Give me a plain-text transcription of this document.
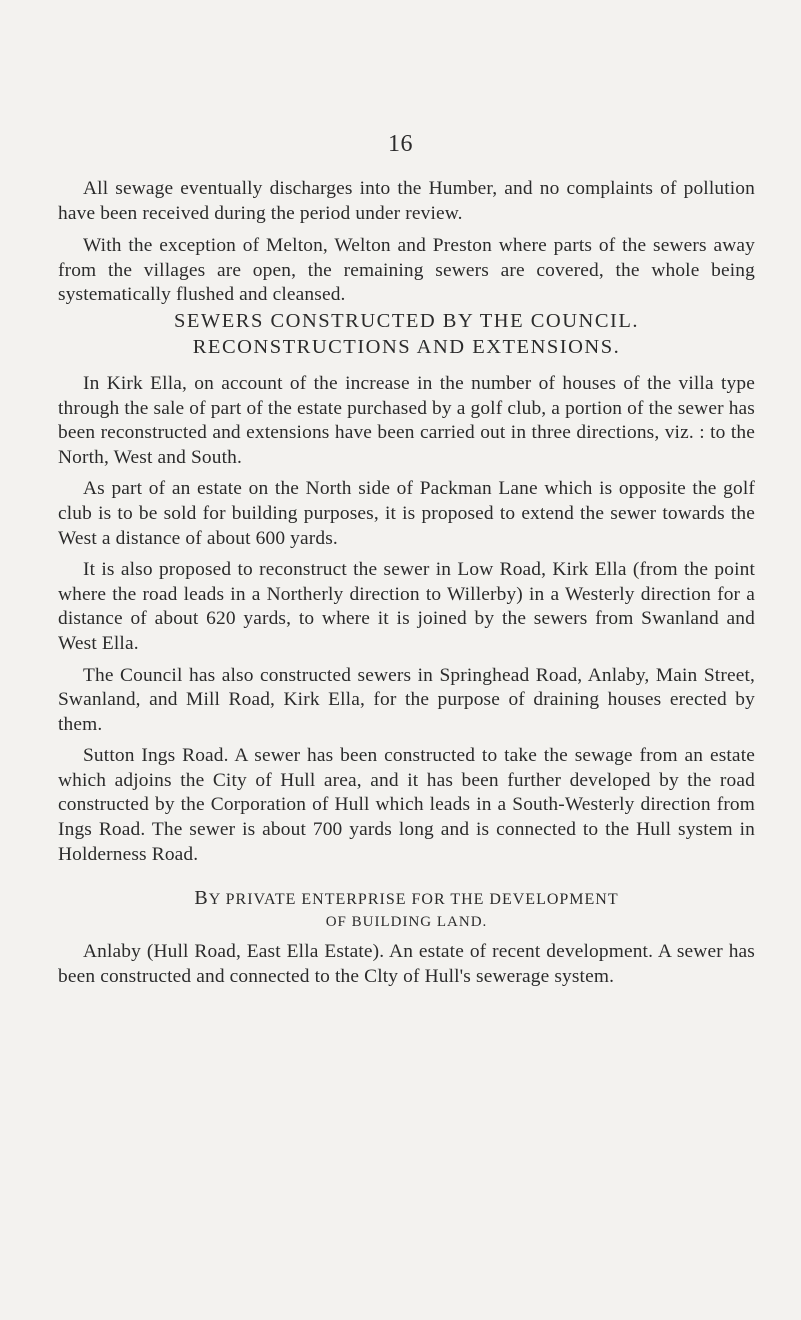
16

All sewage eventually discharges into the Humber, and no complaints of pollution have been received during the period under review.

With the exception of Melton, Welton and Preston where parts of the sewers away from the villages are open, the remaining sewers are covered, the whole being systematically flushed and cleansed.

SEWERS CONSTRUCTED BY THE COUNCIL.
RECONSTRUCTIONS AND EXTENSIONS.

In Kirk Ella, on account of the increase in the number of houses of the villa type through the sale of part of the estate purchased by a golf club, a portion of the sewer has been reconstructed and extensions have been carried out in three directions, viz. : to the North, West and South.

As part of an estate on the North side of Packman Lane which is opposite the golf club is to be sold for building purposes, it is proposed to extend the sewer towards the West a distance of about 600 yards.

It is also proposed to reconstruct the sewer in Low Road, Kirk Ella (from the point where the road leads in a Northerly direction to Willerby) in a Westerly direction for a distance of about 620 yards, to where it is joined by the sewers from Swanland and West Ella.

The Council has also constructed sewers in Springhead Road, Anlaby, Main Street, Swanland, and Mill Road, Kirk Ella, for the purpose of draining houses erected by them.

Sutton Ings Road. A sewer has been constructed to take the sewage from an estate which adjoins the City of Hull area, and it has been further developed by the road constructed by the Corporation of Hull which leads in a South-Westerly direction from Ings Road. The sewer is about 700 yards long and is connected to the Hull system in Holderness Road.

BY PRIVATE ENTERPRISE FOR THE DEVELOPMENT
OF BUILDING LAND.

Anlaby (Hull Road, East Ella Estate). An estate of recent development. A sewer has been constructed and connected to the Clty of Hull's sewerage system.
